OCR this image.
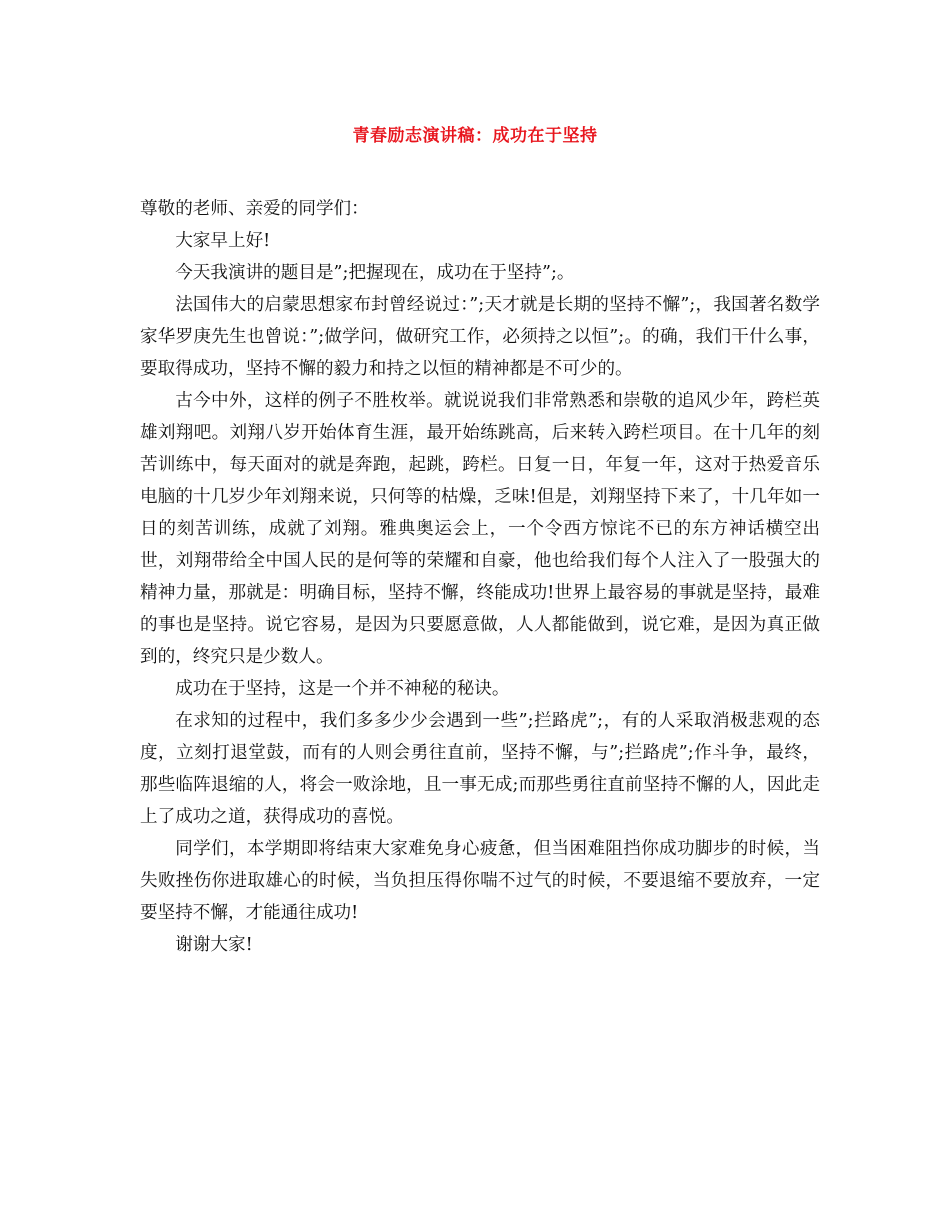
青春励志演讲稿：成功在于坚持

尊敬的老师、亲爱的同学们：

大家早上好!

今天我演讲的题目是”;把握现在，成功在于坚持”;。

法国伟大的启蒙思想家布封曾经说过：”;天才就是长期的坚持不懈”;，我国著名数学家华罗庚先生也曾说：”;做学问，做研究工作，必须持之以恒”;。的确，我们干什么事，要取得成功，坚持不懈的毅力和持之以恒的精神都是不可少的。

古今中外，这样的例子不胜枚举。就说说我们非常熟悉和崇敬的追风少年，跨栏英雄刘翔吧。刘翔八岁开始体育生涯，最开始练跳高，后来转入跨栏项目。在十几年的刻苦训练中，每天面对的就是奔跑，起跳，跨栏。日复一日，年复一年，这对于热爱音乐电脑的十几岁少年刘翔来说，只何等的枯燥，乏味!但是，刘翔坚持下来了，十几年如一日的刻苦训练，成就了刘翔。雅典奥运会上，一个令西方惊诧不已的东方神话横空出世，刘翔带给全中国人民的是何等的荣耀和自豪，他也给我们每个人注入了一股强大的精神力量，那就是：明确目标，坚持不懈，终能成功!世界上最容易的事就是坚持，最难的事也是坚持。说它容易，是因为只要愿意做，人人都能做到，说它难，是因为真正做到的，终究只是少数人。

成功在于坚持，这是一个并不神秘的秘诀。

在求知的过程中，我们多多少少会遇到一些”;拦路虎”;，有的人采取消极悲观的态度，立刻打退堂鼓，而有的人则会勇往直前，坚持不懈，与”;拦路虎”;作斗争，最终，那些临阵退缩的人，将会一败涂地，且一事无成;而那些勇往直前坚持不懈的人，因此走上了成功之道，获得成功的喜悦。

同学们，本学期即将结束大家难免身心疲惫，但当困难阻挡你成功脚步的时候，当失败挫伤你进取雄心的时候，当负担压得你喘不过气的时候，不要退缩不要放弃，一定要坚持不懈，才能通往成功!

谢谢大家!
